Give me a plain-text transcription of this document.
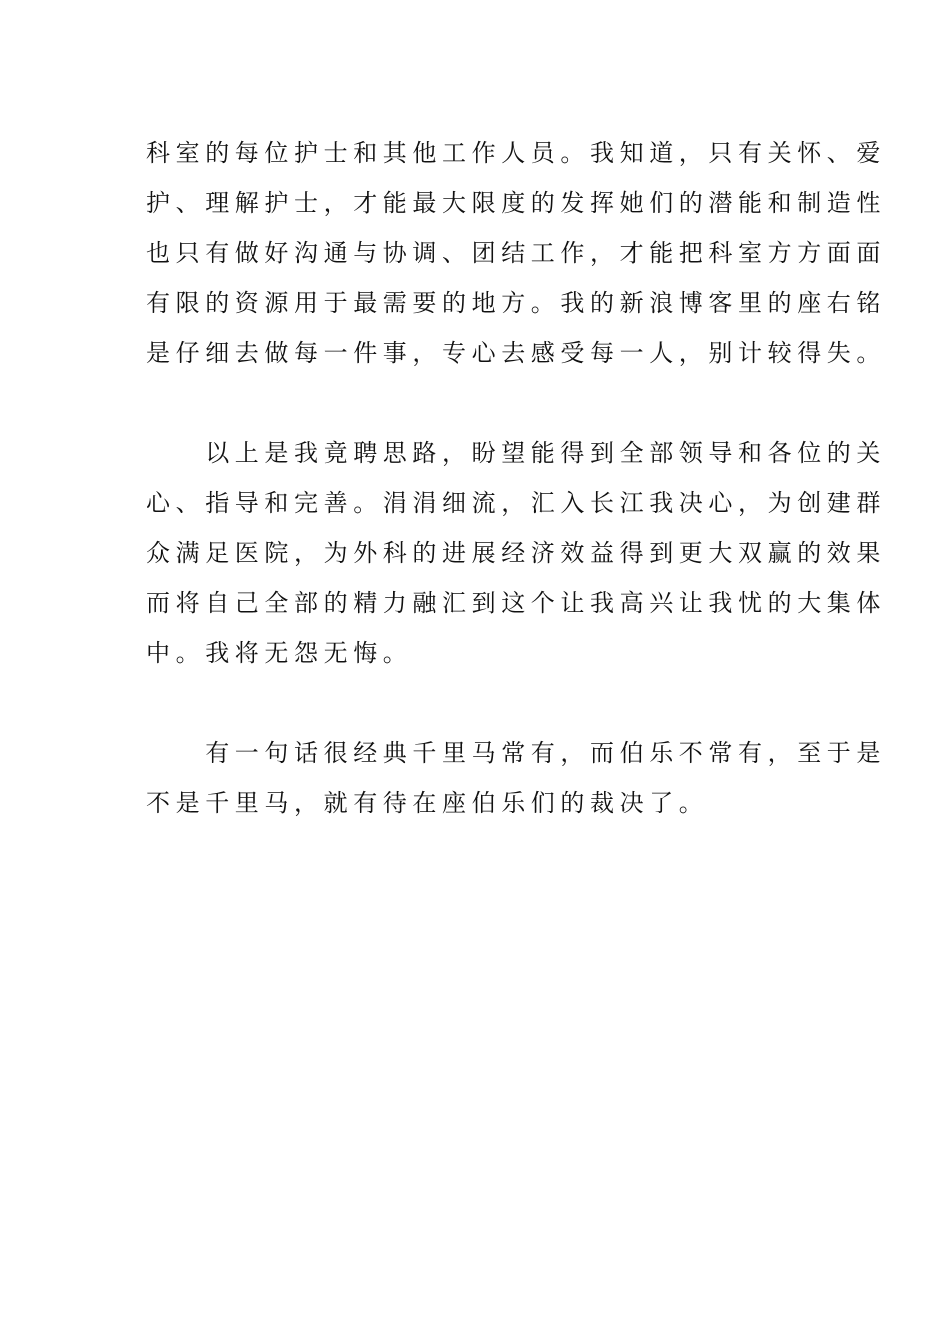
科室的每位护士和其他工作人员。我知道，只有关怀、爱
护、理解护士，才能最大限度的发挥她们的潜能和制造性
也只有做好沟通与协调、团结工作，才能把科室方方面面
有限的资源用于最需要的地方。我的新浪博客里的座右铭
是仔细去做每一件事，专心去感受每一人，别计较得失。
　　以上是我竟聘思路，盼望能得到全部领导和各位的关
心、指导和完善。涓涓细流，汇入长江我决心，为创建群
众满足医院，为外科的进展经济效益得到更大双赢的效果
而将自己全部的精力融汇到这个让我高兴让我忧的大集体
中。我将无怨无悔。
　　有一句话很经典千里马常有，而伯乐不常有，至于是
不是千里马，就有待在座伯乐们的裁决了。
